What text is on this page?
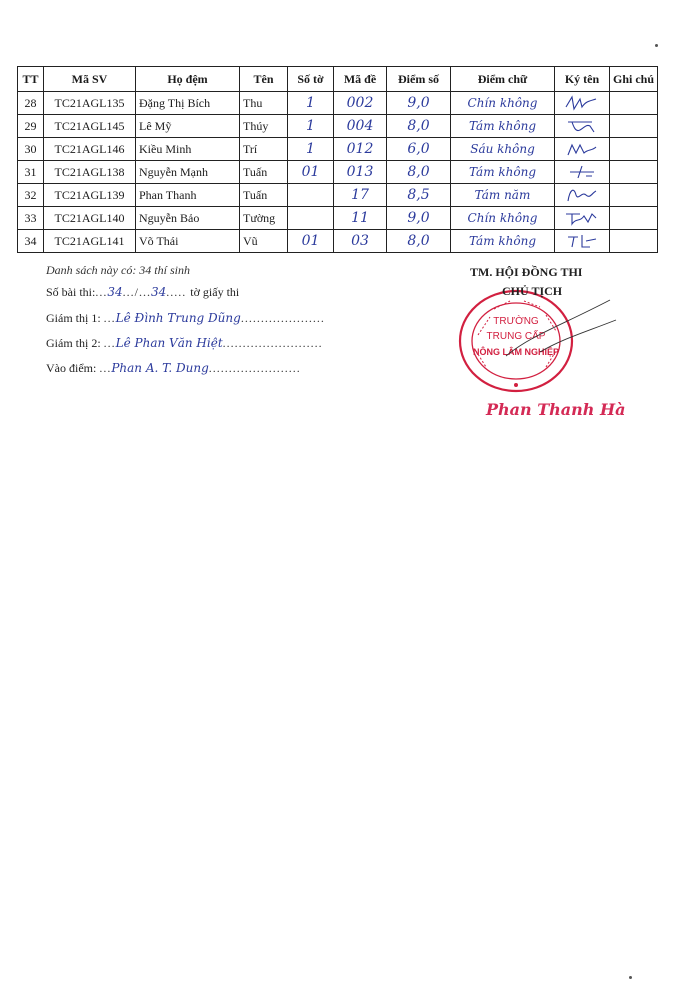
TT	Mã SV	Họ đệm	Tên	Số tờ	Mã đề	Điểm số	Điểm chữ	Ký tên	Ghi chú
28	TC21AGL135	Đặng Thị Bích	Thu	1	002	9,0	Chín không	

29	TC21AGL145	Lê Mỹ	Thúy	1	004	8,0	Tám không	

30	TC21AGL146	Kiều Minh	Trí	1	012	6,0	Sáu không	

31	TC21AGL138	Nguyễn Mạnh	Tuấn	01	013	8,0	Tám không	

32	TC21AGL139	Phan Thanh	Tuấn		17	8,5	Tám năm	

33	TC21AGL140	Nguyễn Bảo	Tường		11	9,0	Chín không	

34	TC21AGL141	Võ Thái	Vũ	01	03	8,0	Tám không	

Danh sách này có: 34 thí sinh
Số bài thi:...34.../...34..... tờ giấy thi
Giám thị 1: ...Lê Đình Trung Dũng.....................
Giám thị 2: ...Lê Phan Văn Hiệt.........................
Vào điểm: ...Phan A. T. Dung.......................
TM. HỘI ĐỒNG THI
TRƯỜNG
TRUNG CẤP
NÔNG LÂM NGHIỆP
CHỦ TỊCH
Phan Thanh Hà
